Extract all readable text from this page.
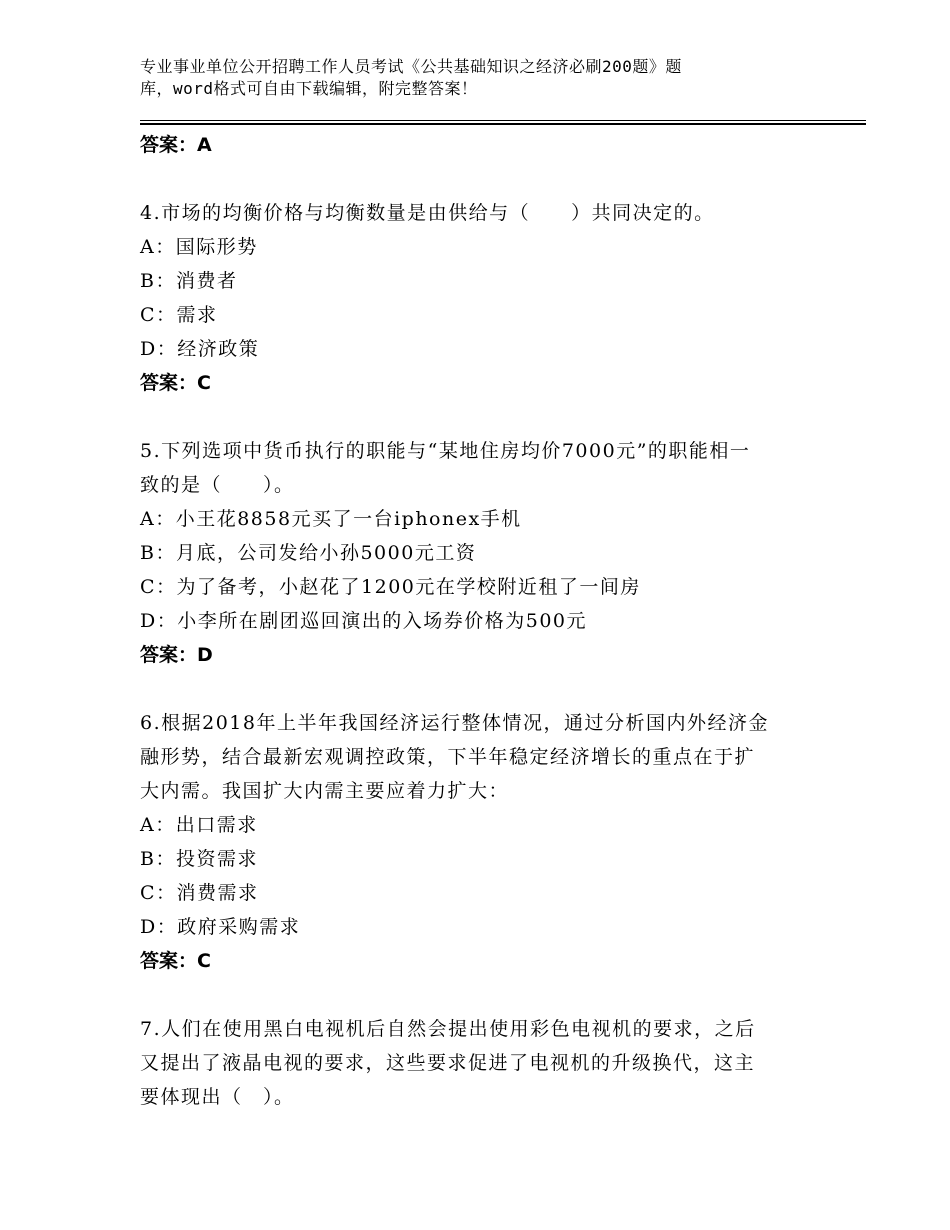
专业事业单位公开招聘工作人员考试《公共基础知识之经济必刷200题》题
库，word格式可自由下载编辑，附完整答案！

答案：A

4.市场的均衡价格与均衡数量是由供给与（　　）共同决定的。

A：国际形势

B：消费者

C：需求

D：经济政策

答案：C

5.下列选项中货币执行的职能与“某地住房均价7000元”的职能相一

致的是（　　）。

A：小王花8858元买了一台iphonex手机

B：月底，公司发给小孙5000元工资

C：为了备考，小赵花了1200元在学校附近租了一间房

D：小李所在剧团巡回演出的入场券价格为500元

答案：D

6.根据2018年上半年我国经济运行整体情况，通过分析国内外经济金

融形势，结合最新宏观调控政策，下半年稳定经济增长的重点在于扩

大内需。我国扩大内需主要应着力扩大：

A：出口需求

B：投资需求

C：消费需求

D：政府采购需求

答案：C

7.人们在使用黑白电视机后自然会提出使用彩色电视机的要求，之后

又提出了液晶电视的要求，这些要求促进了电视机的升级换代，这主

要体现出（　）。
